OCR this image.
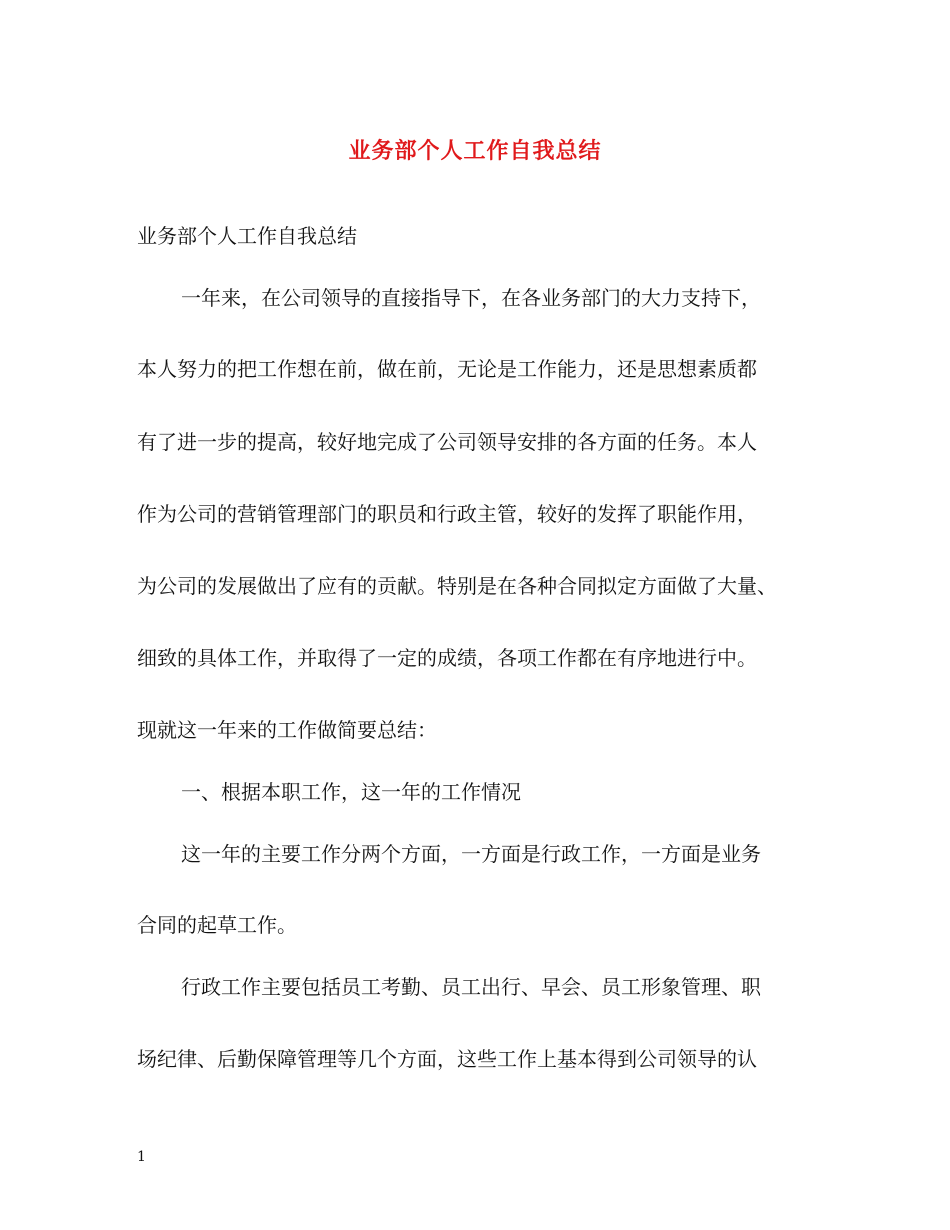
业务部个人工作自我总结
业务部个人工作自我总结
一年来，在公司领导的直接指导下，在各业务部门的大力支持下，
本人努力的把工作想在前，做在前，无论是工作能力，还是思想素质都
有了进一步的提高，较好地完成了公司领导安排的各方面的任务。本人
作为公司的营销管理部门的职员和行政主管，较好的发挥了职能作用，
为公司的发展做出了应有的贡献。特别是在各种合同拟定方面做了大量、
细致的具体工作，并取得了一定的成绩，各项工作都在有序地进行中。
现就这一年来的工作做简要总结：
一、根据本职工作，这一年的工作情况
这一年的主要工作分两个方面，一方面是行政工作，一方面是业务
合同的起草工作。
行政工作主要包括员工考勤、员工出行、早会、员工形象管理、职
场纪律、后勤保障管理等几个方面，这些工作上基本得到公司领导的认
1
